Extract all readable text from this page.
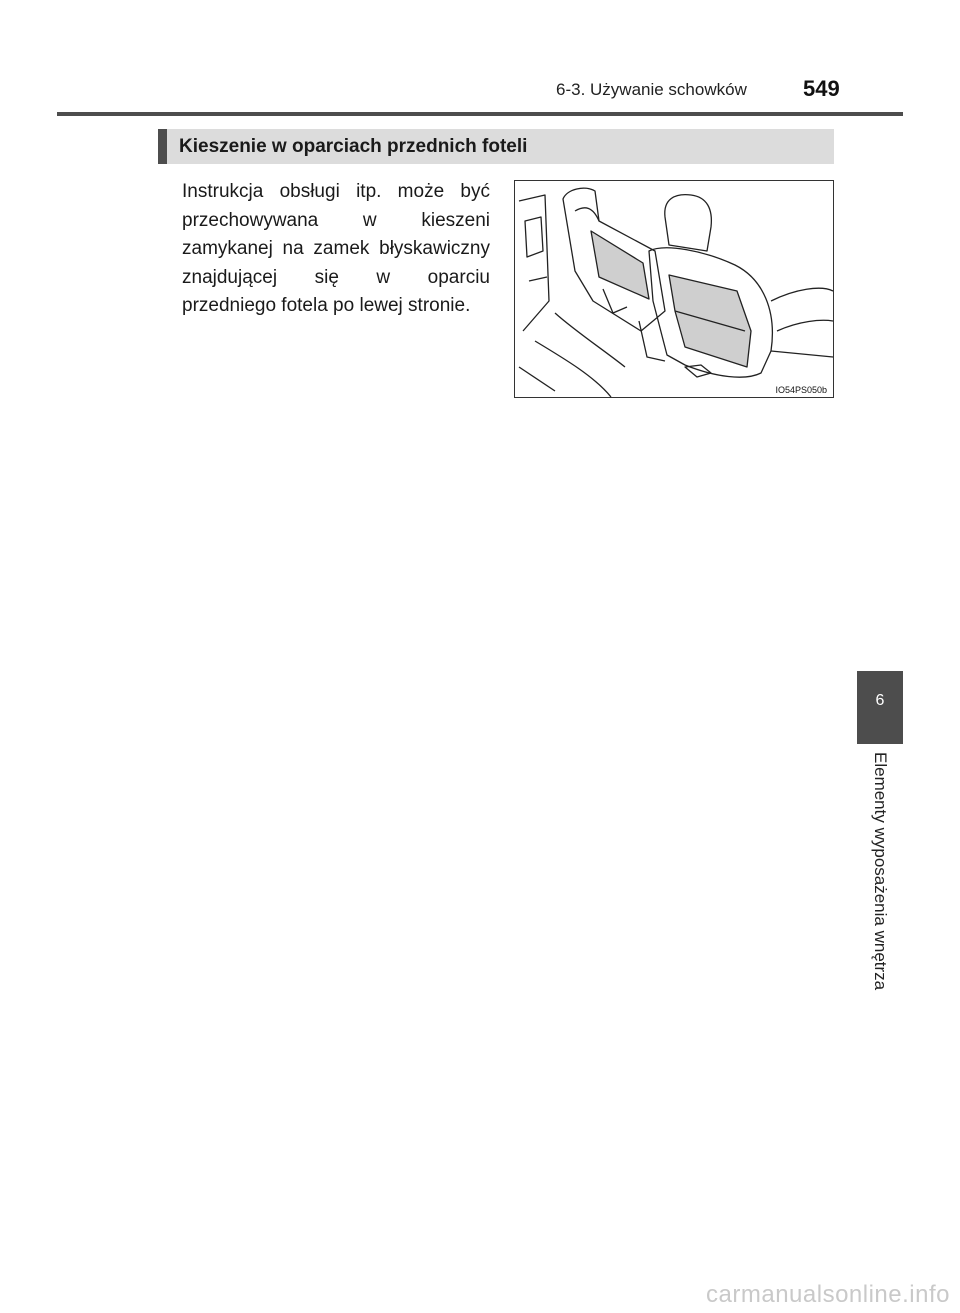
6-3. Używanie schowków	549
Kieszenie w oparciach przednich foteli
Instrukcja obsługi itp. może być przechowywana w kieszeni zamykanej na zamek błyskawiczny znajdującej się w oparciu przedniego fotela po lewej stronie.
IO54PS050b
6
Elementy wyposażenia wnętrza
carmanualsonline.info
